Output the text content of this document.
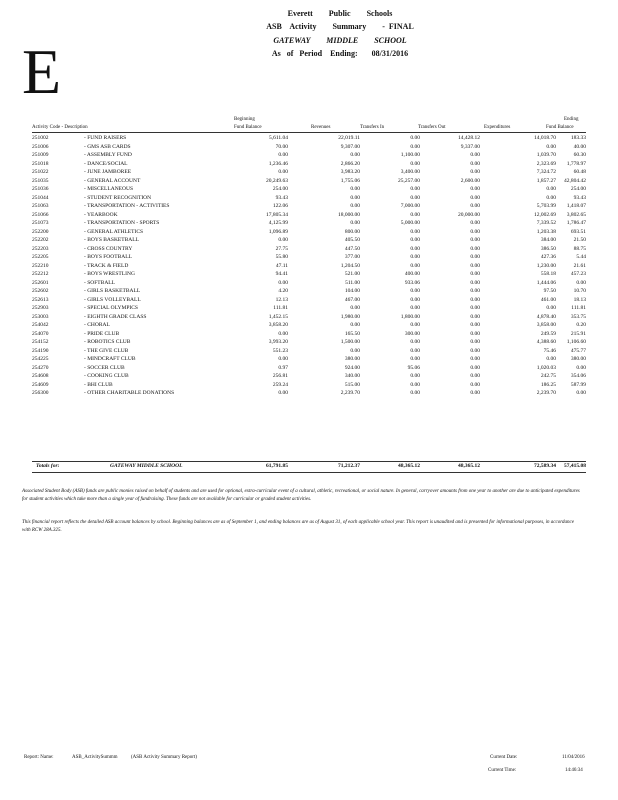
E
Everett        Public        Schools
ASB    Activity        Summary        -  FINAL
GATEWAY        MIDDLE        SCHOOL
As   of   Period    Ending:       08/31/2016
Activity Code - Description
Beginning
Fund Balance	Revenues	Transfers In	Transfers Out	Expenditures
Ending
Fund Balance
251002	- FUND RAISERS	5,611.04	22,019.11	0.00	14,428.12	14,018.70	183.33
251006	- GMS ASB CARDS	70.00	9,307.00	0.00	9,337.00	0.00	40.00
251009	- ASSEMBLY FUND	0.00	0.00	1,100.00	0.00	1,039.70	60.30
251018	- DANCE/SOCIAL	1,236.46	2,866.20	0.00	0.00	2,323.69	1,778.97
251022	- JUNE JAMBOREE	0.00	3,983.20	3,400.00	0.00	7,324.72	60.48
251035	- GENERAL ACCOUNT	20,249.63	1,755.06	25,257.00	2,600.00	1,857.27	42,804.42
251036	- MISCELLANEOUS	254.00	0.00	0.00	0.00	0.00	254.00
251044	- STUDENT RECOGNITION	93.43	0.00	0.00	0.00	0.00	93.43
251063	- TRANSPORTATION - ACTIVITIES	122.06	0.00	7,000.00	0.00	5,703.99	1,418.07
251066	- YEARBOOK	17,805.34	18,000.00	0.00	20,000.00	12,002.69	3,802.65
251073	- TRANSPORTATION - SPORTS	4,125.99	0.00	5,000.00	0.00	7,339.52	1,786.47
252200	- GENERAL ATHLETICS	1,096.89	800.00	0.00	0.00	1,203.38	693.51
252202	- BOYS BASKETBALL	0.00	405.50	0.00	0.00	384.00	21.50
252203	- CROSS COUNTRY	27.75	447.50	0.00	0.00	386.50	88.75
252205	- BOYS FOOTBALL	55.80	377.00	0.00	0.00	427.36	5.44
252210	- TRACK & FIELD	47.11	1,204.50	0.00	0.00	1,230.00	21.61
252212	- BOYS WRESTLING	94.41	521.00	400.00	0.00	558.18	457.23
252601	- SOFTBALL	0.00	511.00	933.06	0.00	1,444.06	0.00
252602	- GIRLS BASKETBALL	4.20	104.00	0.00	0.00	97.50	10.70
252613	- GIRLS VOLLEYBALL	12.13	467.00	0.00	0.00	461.00	18.13
252903	- SPECIAL OLYMPICS	111.81	0.00	0.00	0.00	0.00	111.81
253003	- EIGHTH GRADE CLASS	1,452.15	1,980.00	1,800.00	0.00	4,878.40	353.75
254042	- CHORAL	3,858.20	0.00	0.00	0.00	3,858.00	0.20
254070	- PRIDE CLUB	0.00	165.50	300.00	0.00	249.59	215.91
254152	- ROBOTICS CLUB	3,993.20	1,500.00	0.00	0.00	4,388.60	1,106.60
254190	- THE GIVE CLUB	551.23	0.00	0.00	0.00	75.46	475.77
254225	- MINDCRAFT CLUB	0.00	380.00	0.00	0.00	0.00	380.00
254270	- SOCCER CLUB	0.97	924.00	95.06	0.00	1,020.03	0.00
254608	- COOKING CLUB	256.81	340.00	0.00	0.00	242.75	354.06
254609	- BHI CLUB	259.24	515.00	0.00	0.00	186.25	587.99
256300	- OTHER CHARITABLE DONATIONS	0.00	2,239.70	0.00	0.00	2,239.70	0.00
Totals for:	GATEWAY MIDDLE SCHOOL	61,791.85	71,212.37	48,365.12	48,365.12	72,589.34	57,415.08
Associated Student Body (ASB) funds are public monies raised on behalf of students and are used for optional, extra-curricular event of a cultural, athletic, recreational, or social nature. In general, carryover amounts from one year to another are due to anticipated expenditures for student activities which take more than a single year of fundraising. These funds are not available for curricular or graded student activities.
This financial report reflects the detailed ASB account balances by school. Beginning balances are as of September 1, and ending balances are as of August 31, of each applicable school year. This report is unaudited and is presented for informational purposes, in accordance with RCW 28A.325.
Report: Name:	ASB_ActivitySummm	(ASB Activity Summary Report)	Current Date:	11/04/2016
Current Time:	14:46:34
